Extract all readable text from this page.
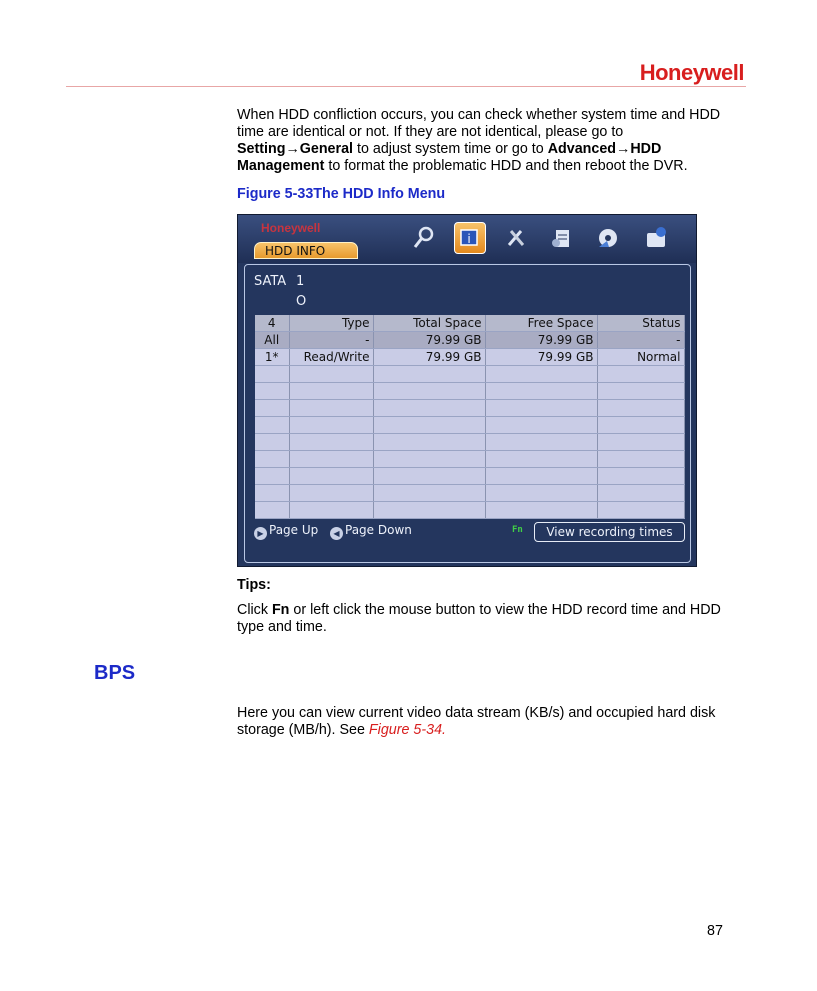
Honeywell
When HDD confliction occurs, you can check whether system time and HDD time are identical or not. If they are not identical, please go to Setting→General to adjust system time or go to Advanced→HDD Management to format the problematic HDD and then reboot the DVR.
Figure 5-33The HDD Info Menu
Honeywell
HDD INFO
i
SATA 1
O
4	Type	Total Space	Free Space	Status
All	-	79.99 GB	79.99 GB	-
1*	Read/Write	79.99 GB	79.99 GB	Normal

▶ Page Up	◀ Page Down	Fn	View recording times
Tips:
Click Fn or left click the mouse button to view the HDD record time and HDD type and time.
BPS
Here you can view current video data stream (KB/s) and occupied hard disk storage (MB/h). See Figure 5-34.
87
